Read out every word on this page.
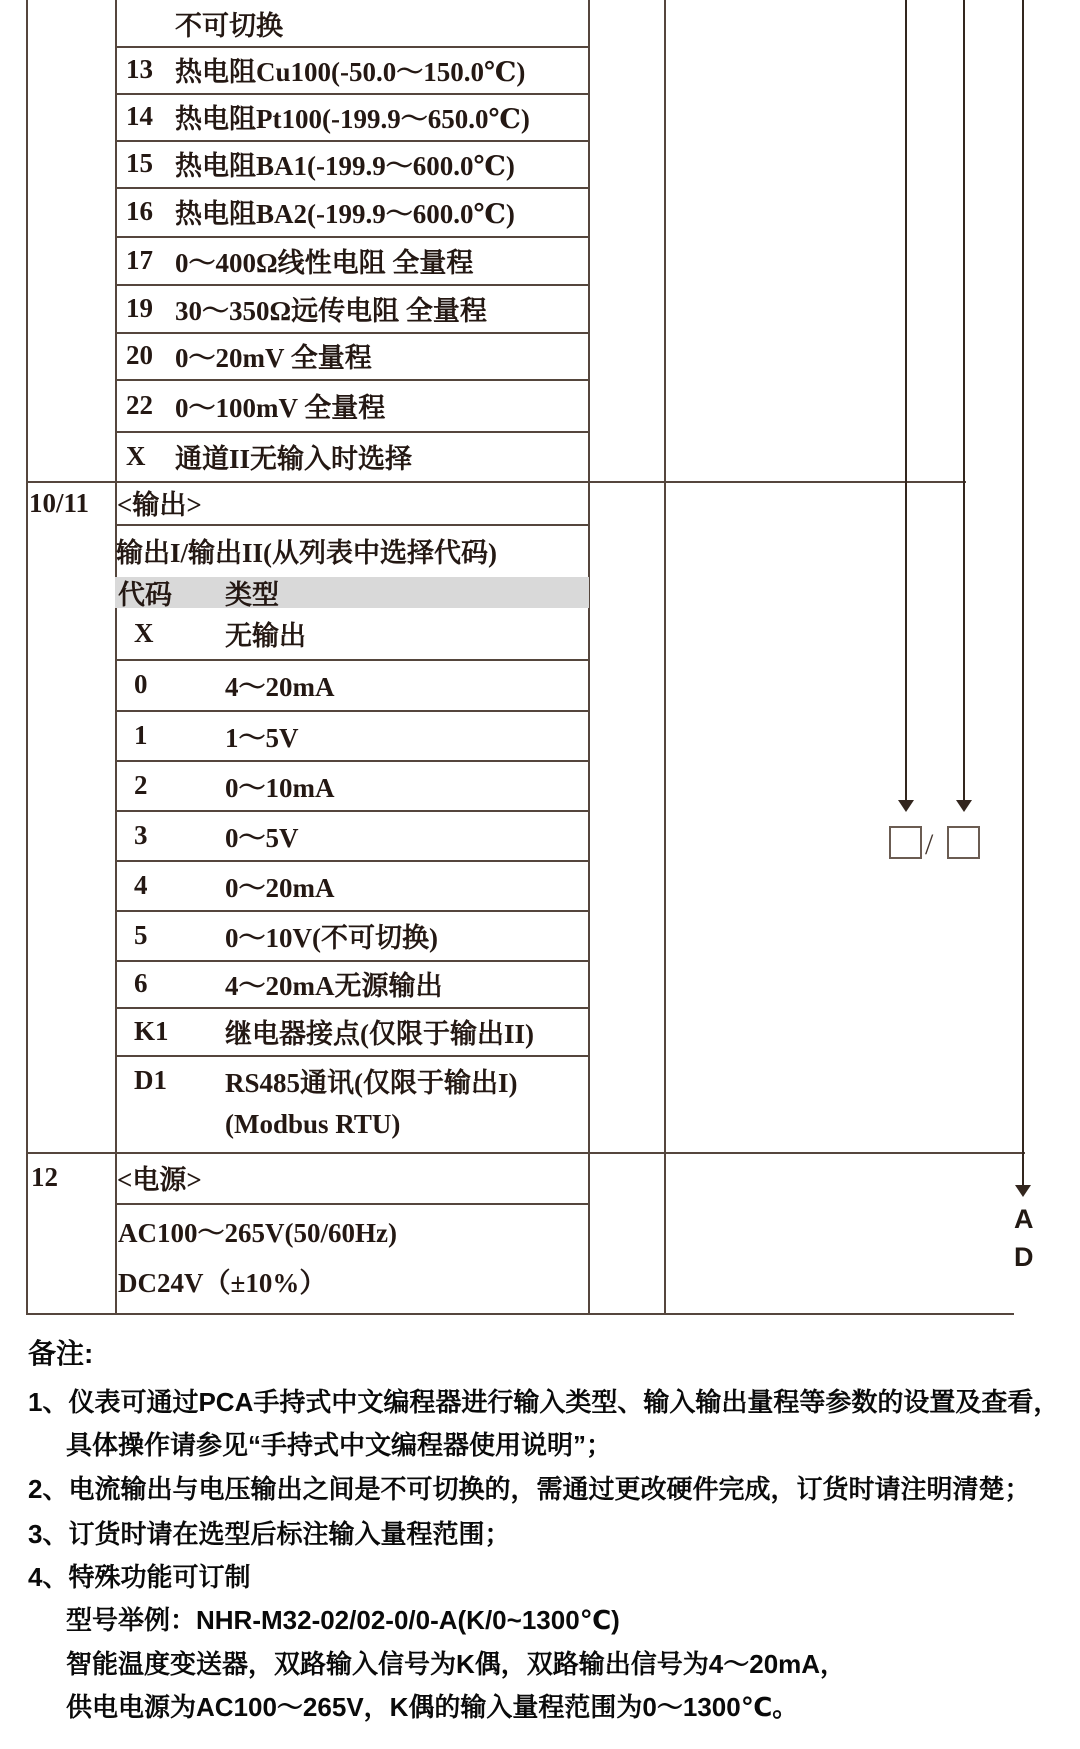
/
A
D
不可切换
13 热电阻Cu100(-50.0～150.0℃)
14 热电阻Pt100(-199.9～650.0℃)
15 热电阻BA1(-199.9～600.0℃)
16 热电阻BA2(-199.9～600.0℃)
17 0～400Ω线性电阻 全量程
19 30～350Ω远传电阻 全量程
20 0～20mV 全量程
22 0～100mV 全量程
X	通道II无输入时选择
10/11 <输出>
输出I/输出II(从列表中选择代码)
代码 类型
X	无输出
0	4～20mA
1	1～5V
2	0～10mA
3	0～5V
4	0～20mA
5	0～10V(不可切换)
6	4～20mA无源输出
K1	继电器接点(仅限于输出II)
D1	RS485通讯(仅限于输出I)
(Modbus RTU)
12 <电源>
AC100～265V(50/60Hz)
DC24V（±10%）
备注:
1、仪表可通过PCA手持式中文编程器进行输入类型、输入输出量程等参数的设置及查看，
具体操作请参见“手持式中文编程器使用说明”；
2、电流输出与电压输出之间是不可切换的，需通过更改硬件完成，订货时请注明清楚；
3、订货时请在选型后标注输入量程范围；
4、特殊功能可订制
型号举例：NHR-M32-02/02-0/0-A(K/0~1300℃)
智能温度变送器，双路输入信号为K偶，双路输出信号为4～20mA，
供电电源为AC100～265V，K偶的输入量程范围为0～1300℃。
